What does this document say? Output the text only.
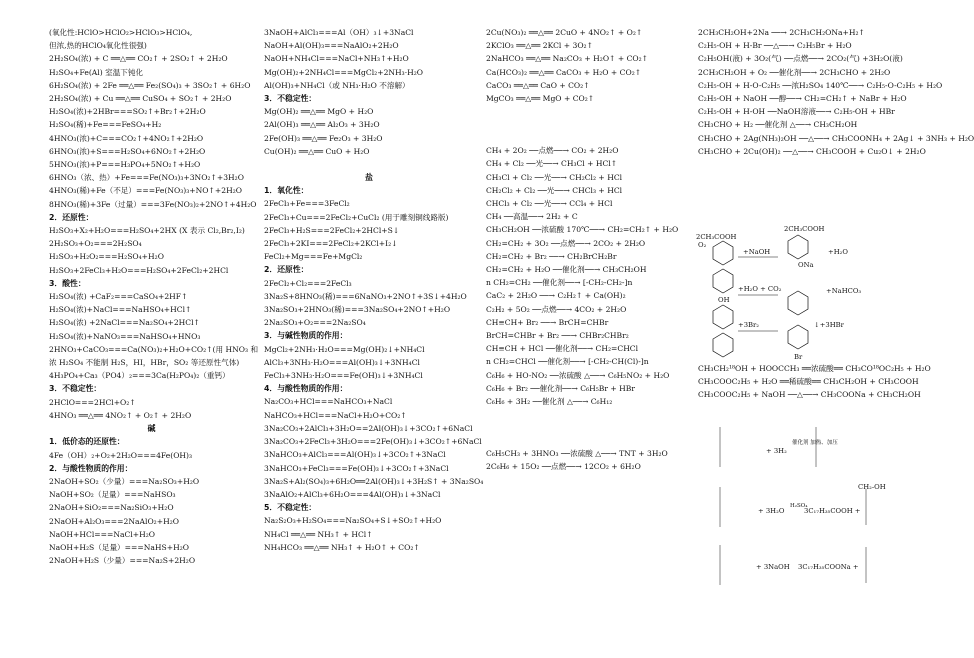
(氧化性:HClO>HClO₂>HClO₃>HClO₄,
但浓,热的HClO₄氧化性很强)
2H₂SO₄(浓) + C ══△══ CO₂↑ + 2SO₂↑ + 2H₂O
H₂SO₄+Fe(Al) 室温下钝化
6H₂SO₄(浓) + 2Fe ══△══ Fe₂(SO₄)₃ + 3SO₂↑ + 6H₂O
2H₂SO₄(浓) + Cu ══△══ CuSO₄ + SO₂↑ + 2H₂O
H₂SO₄(浓)+2HBr===SO₂↑+Br₂↑+2H₂O
H₂SO₄(稀)+Fe===FeSO₄+H₂
4HNO₃(浓)+C===CO₂↑+4NO₂↑+2H₂O
6HNO₃(浓)+S===H₂SO₄+6NO₂↑+2H₂O
5HNO₃(浓)+P===H₃PO₄+5NO₂↑+H₂O
6HNO₃（浓、热）+Fe===Fe(NO₃)₃+3NO₂↑+3H₂O
4HNO₃(稀)+Fe（不足）===Fe(NO₃)₃+NO↑+2H₂O
8HNO₃(稀)+3Fe（过量）===3Fe(NO₃)₂+2NO↑+4H₂O
2．还原性：
H₂SO₃+X₂+H₂O===H₂SO₄+2HX (X 表示 Cl₂,Br₂,I₂)
2H₂SO₃+O₂===2H₂SO₄
H₂SO₃+H₂O₂===H₂SO₄+H₂O
H₂SO₃+2FeCl₃+H₂O===H₂SO₄+2FeCl₂+2HCl
3．酸性：
H₂SO₄(浓) +CaF₂===CaSO₄+2HF↑
H₂SO₄(浓)+NaCl===NaHSO₄+HCl↑
H₂SO₄(浓) +2NaCl===Na₂SO₄+2HCl↑
H₂SO₄(浓)+NaNO₃===NaHSO₄+HNO₃
2HNO₃+CaCO₃===Ca(NO₃)₂+H₂O+CO₂↑(用 HNO₃ 和
浓 H₂SO₄ 不能制 H₂S，HI，HBr，SO₂ 等还原性气体)
4H₃PO₄+Ca₃（PO4）₂===3Ca(H₂PO₄)₂（重钙）
3．不稳定性：
2HClO===2HCl+O₂↑
4HNO₃ ══△══ 4NO₂↑ + O₂↑ + 2H₂O
碱
1．低价态的还原性：
4Fe（OH）₂+O₂+2H₂O===4Fe(OH)₃
2．与酸性物质的作用：
2NaOH+SO₂（少量）===Na₂SO₃+H₂O
NaOH+SO₂（足量）===NaHSO₃
2NaOH+SiO₂===Na₂SiO₃+H₂O
2NaOH+Al₂O₃===2NaAlO₂+H₂O
NaOH+HCl===NaCl+H₂O
NaOH+H₂S（足量）===NaHS+H₂O
2NaOH+H₂S（少量）===Na₂S+2H₂O
3NaOH+AlCl₃===Al（OH）₃↓+3NaCl
NaOH+Al(OH)₃===NaAlO₂+2H₂O
NaOH+NH₄Cl===NaCl+NH₃↑+H₂O
Mg(OH)₂+2NH₄Cl===MgCl₂+2NH₃·H₂O
Al(OH)₃+NH₄Cl（或 NH₃·H₂O 不溶解）
3．不稳定性：
Mg(OH)₂ ══△══ MgO + H₂O
2Al(OH)₃ ══△══ Al₂O₃ + 3H₂O
2Fe(OH)₃ ══△══ Fe₂O₃ + 3H₂O
Cu(OH)₂ ══△══ CuO + H₂O
盐
1．氧化性：
2FeCl₃+Fe===3FeCl₂
2FeCl₃+Cu===2FeCl₂+CuCl₂ (用于雕刻铜线路版)
2FeCl₃+H₂S===2FeCl₂+2HCl+S↓
2FeCl₃+2KI===2FeCl₂+2KCl+I₂↓
FeCl₂+Mg===Fe+MgCl₂
2．还原性：
2FeCl₂+Cl₂===2FeCl₃
3Na₂S+8HNO₃(稀)===6NaNO₃+2NO↑+3S↓+4H₂O
3Na₂SO₃+2HNO₃(稀)===3Na₂SO₄+2NO↑+H₂O
2Na₂SO₃+O₂===2Na₂SO₄
3．与碱性物质的作用：
MgCl₂+2NH₃·H₂O===Mg(OH)₂↓+NH₄Cl
AlCl₃+3NH₃·H₂O===Al(OH)₃↓+3NH₄Cl
FeCl₃+3NH₃·H₂O===Fe(OH)₃↓+3NH₄Cl
4．与酸性物质的作用：
Na₂CO₃+HCl===NaHCO₃+NaCl
NaHCO₃+HCl===NaCl+H₂O+CO₂↑
3Na₂CO₃+2AlCl₃+3H₂O==2Al(OH)₃↓+3CO₂↑+6NaCl
3Na₂CO₃+2FeCl₃+3H₂O===2Fe(OH)₃↓+3CO₂↑+6NaCl
3NaHCO₃+AlCl₃===Al(OH)₃↓+3CO₂↑+3NaCl
3NaHCO₃+FeCl₃===Fe(OH)₃↓+3CO₂↑+3NaCl
3Na₂S+Al₂(SO₄)₃+6H₂O══2Al(OH)₃↓+3H₂S↑ + 3Na₂SO₄
3NaAlO₂+AlCl₃+6H₂O===4Al(OH)₃↓+3NaCl
5．不稳定性：
Na₂S₂O₃+H₂SO₄===Na₂SO₄+S↓+SO₂↑+H₂O
NH₄Cl ══△══ NH₃↑ + HCl↑
NH₄HCO₃ ══△══ NH₃↑ + H₂O↑ + CO₂↑
2Cu(NO₃)₂ ══△══ 2CuO + 4NO₂↑ + O₂↑
2KClO₃ ══△══ 2KCl + 3O₂↑
2NaHCO₃ ══△══ Na₂CO₃ + H₂O↑ + CO₂↑
Ca(HCO₃)₂ ══△══ CaCO₃ + H₂O + CO₂↑
CaCO₃ ══△══ CaO + CO₂↑
MgCO₃ ══△══ MgO + CO₂↑
CH₄ + 2O₂ ──点燃──→ CO₂ + 2H₂O
CH₄ + Cl₂ ──光──→ CH₃Cl + HCl↑
CH₃Cl + Cl₂ ──光──→ CH₂Cl₂ + HCl
CH₂Cl₂ + Cl₂ ──光──→ CHCl₃ + HCl
CHCl₃ + Cl₂ ──光──→ CCl₄ + HCl
CH₄ ──高温──→ 2H₂ + C
CH₃CH₂OH ──浓硫酸 170℃──→ CH₂=CH₂↑ + H₂O
CH₂=CH₂ + 3O₂ ──点燃──→ 2CO₂ + 2H₂O
CH₂=CH₂ + Br₂ ──→ CH₂BrCH₂Br
CH₂=CH₂ + H₂O ──催化剂──→ CH₃CH₂OH
n CH₂=CH₂ ──催化剂──→ [-CH₂-CH₂-]n
CaC₂ + 2H₂O ──→ C₂H₂↑ + Ca(OH)₂
C₂H₂ + 5O₂ ──点燃──→ 4CO₂ + 2H₂O
CH≡CH+ Br₂ ──→ BrCH=CHBr
BrCH=CHBr + Br₂ ──→ CHBr₂CHBr₂
CH≡CH + HCl ──催化剂──→ CH₂=CHCl
n CH₂=CHCl ──催化剂──→ [-CH₂-CH(Cl)-]n
C₆H₆ + HO-NO₂ ──浓硫酸 △──→ C₆H₅NO₂ + H₂O
C₆H₆ + Br₂ ──催化剂──→ C₆H₅Br + HBr
C₆H₆ + 3H₂ ──催化剂 △──→ C₆H₁₂
C₆H₅CH₃ + 3HNO₃ ──浓硫酸 △──→ TNT + 3H₂O
2C₆H₆ + 15O₂ ──点燃──→ 12CO₂ + 6H₂O
2CH₃CH₂OH+2Na ──→ 2CH₃CH₂ONa+H₂↑
C₂H₅-OH + H-Br ──△──→ C₂H₅Br + H₂O
C₂H₅OH(液) + 3O₂(气) ──点燃──→ 2CO₂(气) +3H₂O(液)
2CH₃CH₂OH + O₂ ──催化剂──→ 2CH₃CHO + 2H₂O
C₂H₅-OH + H-O-C₂H₅ ──浓H₂SO₄ 140℃──→ C₂H₅-O-C₂H₅ + H₂O
C₂H₅-OH + NaOH ──醇──→ CH₂=CH₂↑ + NaBr + H₂O
C₂H₅-OH + H-OH ──NaOH溶液──→ C₂H₅-OH + HBr
CH₃CHO + H₂ ──催化剂 △──→ CH₃CH₂OH
CH₃CHO + 2Ag(NH₃)₂OH ──△──→ CH₃COONH₄ + 2Ag↓ + 3NH₃ + H₂O
CH₃CHO + 2Cu(OH)₂ ──△──→ CH₃COOH + Cu₂O↓ + 2H₂O
CH₃CH₂¹⁸OH + HOOCCH₃ ══浓硫酸══ CH₃CO¹⁸OC₂H₅ + H₂O
CH₃COOC₂H₅ + H₂O ══稀硫酸══ CH₃CH₂OH + CH₃COOH
CH₃COOC₂H₅ + NaOH ──△──→ CH₃COONa + CH₃CH₂OH
2CH₃COOH
2CH₃COOH
O₂
+NaOH	+H₂O
ONa
OH
+H₂O + CO₂	+NaHCO₃
+3Br₂	↓+3HBr
Br
+ 3H₂
催化剂 加热、加压
+ 3H₂O
H₂SO₄
3C₁₇H₃₅COOH +
+ 3NaOH 3C₁₇H₃₅COONa +
CH₂-OH
